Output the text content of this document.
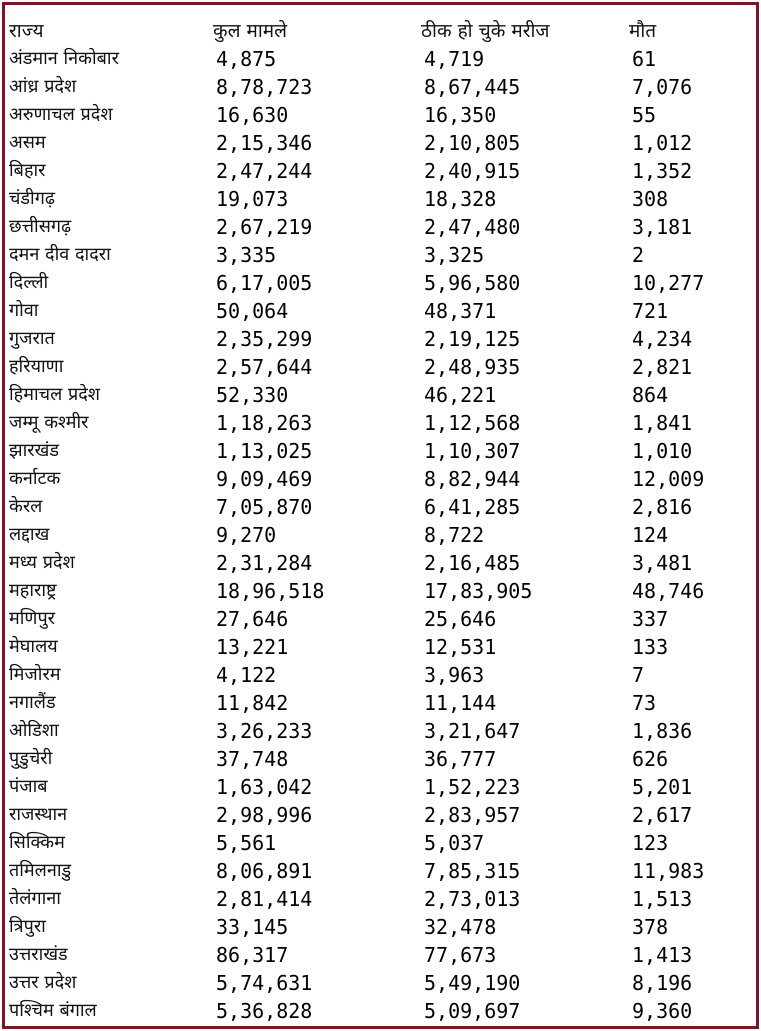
राज्य	कुल मामले	ठीक हो चुके मरीज	मौत
अंडमान निकोबार	4,875	4,719	61
आंध्र प्रदेश	8,78,723	8,67,445	7,076
अरुणाचल प्रदेश	16,630	16,350	55
असम	2,15,346	2,10,805	1,012
बिहार	2,47,244	2,40,915	1,352
चंडीगढ़	19,073	18,328	308
छत्तीसगढ़	2,67,219	2,47,480	3,181
दमन दीव दादरा	3,335	3,325	2
दिल्ली	6,17,005	5,96,580	10,277
गोवा	50,064	48,371	721
गुजरात	2,35,299	2,19,125	4,234
हरियाणा	2,57,644	2,48,935	2,821
हिमाचल प्रदेश	52,330	46,221	864
जम्मू कश्मीर	1,18,263	1,12,568	1,841
झारखंड	1,13,025	1,10,307	1,010
कर्नाटक	9,09,469	8,82,944	12,009
केरल	7,05,870	6,41,285	2,816
लद्दाख	9,270	8,722	124
मध्य प्रदेश	2,31,284	2,16,485	3,481
महाराष्ट्र	18,96,518	17,83,905	48,746
मणिपुर	27,646	25,646	337
मेघालय	13,221	12,531	133
मिजोरम	4,122	3,963	7
नगालैंड	11,842	11,144	73
ओडिशा	3,26,233	3,21,647	1,836
पुडुचेरी	37,748	36,777	626
पंजाब	1,63,042	1,52,223	5,201
राजस्थान	2,98,996	2,83,957	2,617
सिक्किम	5,561	5,037	123
तमिलनाडु	8,06,891	7,85,315	11,983
तेलंगाना	2,81,414	2,73,013	1,513
त्रिपुरा	33,145	32,478	378
उत्तराखंड	86,317	77,673	1,413
उत्तर प्रदेश	5,74,631	5,49,190	8,196
पश्चिम बंगाल	5,36,828	5,09,697	9,360
